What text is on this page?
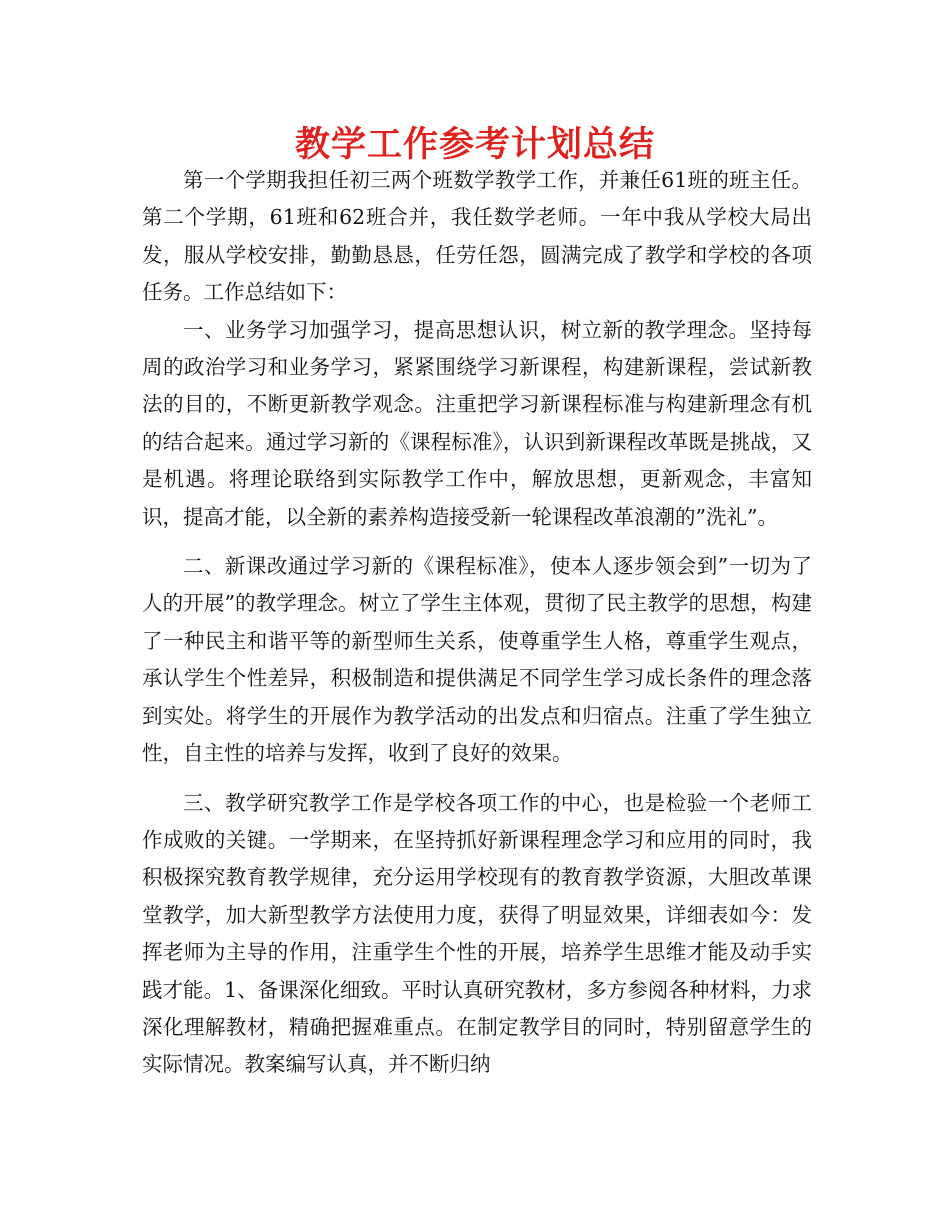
教学工作参考计划总结

第一个学期我担任初三两个班数学教学工作，并兼任61班的班主任。第二个学期，61班和62班合并，我任数学老师。一年中我从学校大局出发，服从学校安排，勤勤恳恳，任劳任怨，圆满完成了教学和学校的各项任务。工作总结如下：

一、业务学习加强学习，提高思想认识，树立新的教学理念。坚持每周的政治学习和业务学习，紧紧围绕学习新课程，构建新课程，尝试新教法的目的，不断更新教学观念。注重把学习新课程标准与构建新理念有机的结合起来。通过学习新的《课程标准》，认识到新课程改革既是挑战，又是机遇。将理论联络到实际教学工作中，解放思想，更新观念，丰富知识，提高才能，以全新的素养构造接受新一轮课程改革浪潮的”洗礼”。

二、新课改通过学习新的《课程标准》，使本人逐步领会到”一切为了人的开展”的教学理念。树立了学生主体观，贯彻了民主教学的思想，构建了一种民主和谐平等的新型师生关系，使尊重学生人格，尊重学生观点，承认学生个性差异，积极制造和提供满足不同学生学习成长条件的理念落到实处。将学生的开展作为教学活动的出发点和归宿点。注重了学生独立性，自主性的培养与发挥，收到了良好的效果。

三、教学研究教学工作是学校各项工作的中心，也是检验一个老师工作成败的关键。一学期来，在坚持抓好新课程理念学习和应用的同时，我积极探究教育教学规律，充分运用学校现有的教育教学资源，大胆改革课堂教学，加大新型教学方法使用力度，获得了明显效果，详细表如今：发挥老师为主导的作用，注重学生个性的开展，培养学生思维才能及动手实践才能。1、备课深化细致。平时认真研究教材，多方参阅各种材料，力求深化理解教材，精确把握难重点。在制定教学目的同时，特别留意学生的实际情况。教案编写认真，并不断归纳
